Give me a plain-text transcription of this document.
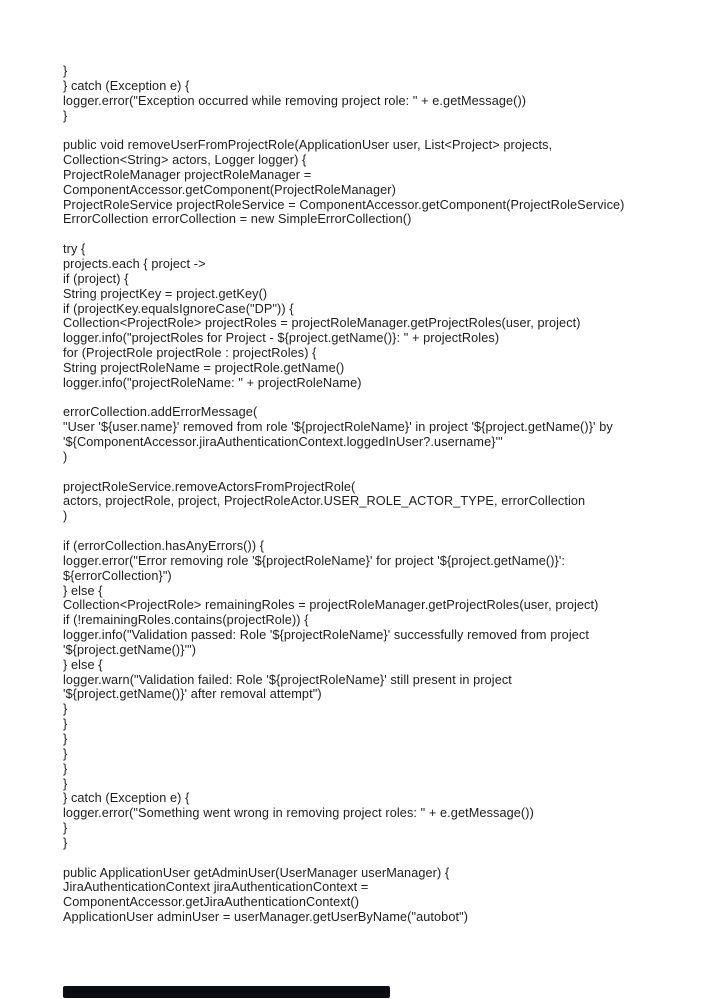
}
} catch (Exception e) {
logger.error("Exception occurred while removing project role: " + e.getMessage())
}

public void removeUserFromProjectRole(ApplicationUser user, List<Project> projects,
Collection<String> actors, Logger logger) {
ProjectRoleManager projectRoleManager =
ComponentAccessor.getComponent(ProjectRoleManager)
ProjectRoleService projectRoleService = ComponentAccessor.getComponent(ProjectRoleService)
ErrorCollection errorCollection = new SimpleErrorCollection()

try {
projects.each { project ->
if (project) {
String projectKey = project.getKey()
if (projectKey.equalsIgnoreCase("DP")) {
Collection<ProjectRole> projectRoles = projectRoleManager.getProjectRoles(user, project)
logger.info("projectRoles for Project - ${project.getName()}: " + projectRoles)
for (ProjectRole projectRole : projectRoles) {
String projectRoleName = projectRole.getName()
logger.info("projectRoleName: " + projectRoleName)

errorCollection.addErrorMessage(
"User '${user.name}' removed from role '${projectRoleName}' in project '${project.getName()}' by
'${ComponentAccessor.jiraAuthenticationContext.loggedInUser?.username}'"
)

projectRoleService.removeActorsFromProjectRole(
actors, projectRole, project, ProjectRoleActor.USER_ROLE_ACTOR_TYPE, errorCollection
)

if (errorCollection.hasAnyErrors()) {
logger.error("Error removing role '${projectRoleName}' for project '${project.getName()}':
${errorCollection}")
} else {
Collection<ProjectRole> remainingRoles = projectRoleManager.getProjectRoles(user, project)
if (!remainingRoles.contains(projectRole)) {
logger.info("Validation passed: Role '${projectRoleName}' successfully removed from project
'${project.getName()}'")
} else {
logger.warn("Validation failed: Role '${projectRoleName}' still present in project
'${project.getName()}' after removal attempt")
}
}
}
}
}
}
} catch (Exception e) {
logger.error("Something went wrong in removing project roles: " + e.getMessage())
}
}

public ApplicationUser getAdminUser(UserManager userManager) {
JiraAuthenticationContext jiraAuthenticationContext =
ComponentAccessor.getJiraAuthenticationContext()
ApplicationUser adminUser = userManager.getUserByName("autobot")
